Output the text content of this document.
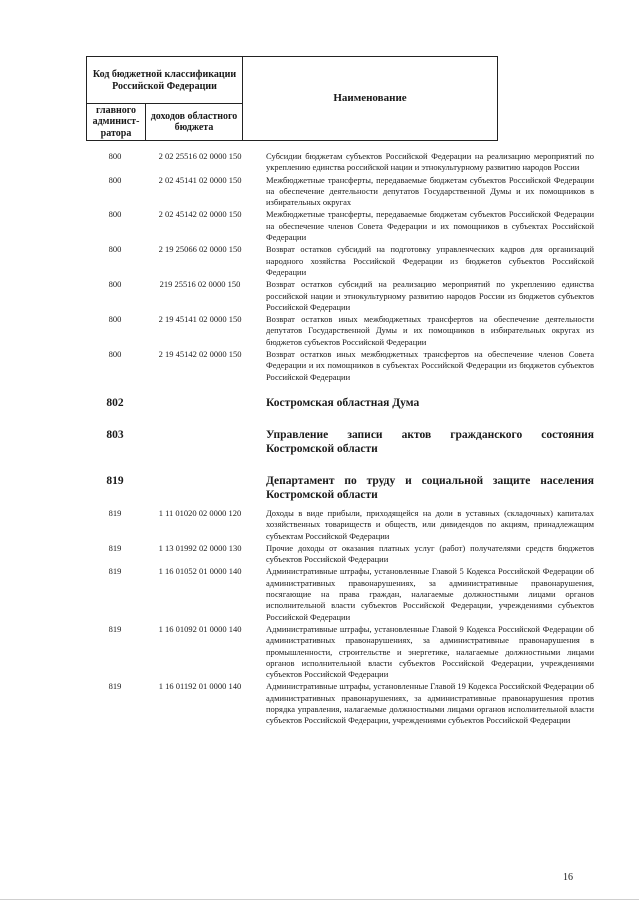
Код бюджетной классификации Российской Федерации		Наименование
главного админист-ратора	доходов областного бюджета	
800	2 02 25516 02 0000 150	Субсидии бюджетам субъектов Российской Федерации на реализацию мероприятий по укреплению единства российской нации и этнокультурному развитию народов России
800	2 02 45141 02 0000 150	Межбюджетные трансферты, передаваемые бюджетам субъектов Российской Федерации на обеспечение деятельности депутатов Государственной Думы и их помощников в избирательных округах
800	2 02 45142 02 0000 150	Межбюджетные трансферты, передаваемые бюджетам субъектов Российской Федерации на обеспечение членов Совета Федерации и их помощников в субъектах Российской Федерации
800	2 19 25066 02 0000 150	Возврат остатков субсидий на подготовку управленческих кадров для организаций народного хозяйства Российской Федерации из бюджетов субъектов Российской Федерации
800	219 25516 02 0000 150	Возврат остатков субсидий на реализацию мероприятий по укреплению единства российской нации и этнокультурному развитию народов России из бюджетов субъектов Российской Федерации
800	2 19 45141 02 0000 150	Возврат остатков иных межбюджетных трансфертов на обеспечение деятельности депутатов Государственной Думы и их помощников в избирательных округах из бюджетов субъектов Российской Федерации
800	2 19 45142 02 0000 150	Возврат остатков иных межбюджетных трансфертов на обеспечение членов Совета Федерации и их помощников в субъектах Российской Федерации из бюджетов субъектов Российской Федерации
802	Костромская областная Дума
803	Управление записи актов гражданского состояния Костромской области
819	Департамент по труду и социальной защите населения Костромской области
819	1 11 01020 02 0000 120	Доходы в виде прибыли, приходящейся на доли в уставных (складочных) капиталах хозяйственных товариществ и обществ, или дивидендов по акциям, принадлежащим субъектам Российской Федерации
819	1 13 01992 02 0000 130	Прочие доходы от оказания платных услуг (работ) получателями средств бюджетов субъектов Российской Федерации
819	1 16 01052 01 0000 140	Административные штрафы, установленные Главой 5 Кодекса Российской Федерации об административных правонарушениях, за административные правонарушения, посягающие на права граждан, налагаемые должностными лицами органов исполнительной власти субъектов Российской Федерации, учреждениями субъектов Российской Федерации
819	1 16 01092 01 0000 140	Административные штрафы, установленные Главой 9 Кодекса Российской Федерации об административных правонарушениях, за административные правонарушения в промышленности, строительстве и энергетике, налагаемые должностными лицами органов исполнительной власти субъектов Российской Федерации, учреждениями субъектов Российской Федерации
819	1 16 01192 01 0000 140	Административные штрафы, установленные Главой 19 Кодекса Российской Федерации об административных правонарушениях, за административные правонарушения против порядка управления, налагаемые должностными лицами органов исполнительной власти субъектов Российской Федерации, учреждениями субъектов Российской Федерации
16
